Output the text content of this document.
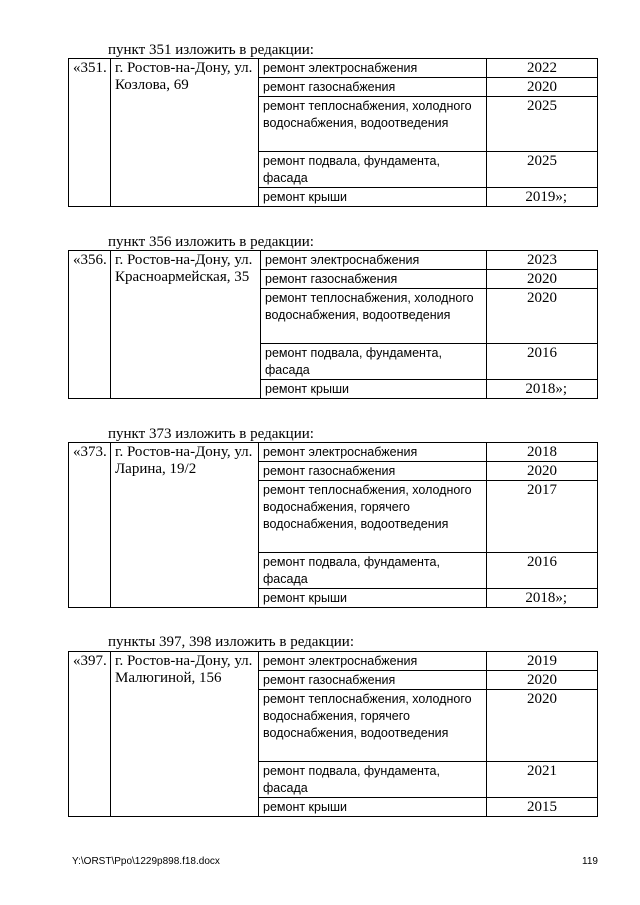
пункт 351 изложить в редакции:
«351.	г. Ростов-на-Дону, ул. Козлова, 69	ремонт электроснабжения	2022
		ремонт газоснабжения	2020
		ремонт теплоснабжения, холодного водоснабжения, водоотведения	2025
		ремонт подвала, фундамента, фасада	2025
		ремонт крыши	2019»;
пункт 356 изложить в редакции:
«356.	г. Ростов-на-Дону, ул. Красноармейская, 35	ремонт электроснабжения	2023
		ремонт газоснабжения	2020
		ремонт теплоснабжения, холодного водоснабжения, водоотведения	2020
		ремонт подвала, фундамента, фасада	2016
		ремонт крыши	2018»;
пункт 373 изложить в редакции:
«373.	г. Ростов-на-Дону, ул. Ларина, 19/2	ремонт электроснабжения	2018
		ремонт газоснабжения	2020
		ремонт теплоснабжения, холодного водоснабжения, горячего водоснабжения, водоотведения	2017
		ремонт подвала, фундамента, фасада	2016
		ремонт крыши	2018»;
пункты 397, 398 изложить в редакции:
«397.	г. Ростов-на-Дону, ул. Малюгиной, 156	ремонт электроснабжения	2019
		ремонт газоснабжения	2020
		ремонт теплоснабжения, холодного водоснабжения, горячего водоснабжения, водоотведения	2020
		ремонт подвала, фундамента, фасада	2021
		ремонт крыши	2015
Y:\ORST\Ppo\1229p898.f18.docx	119
